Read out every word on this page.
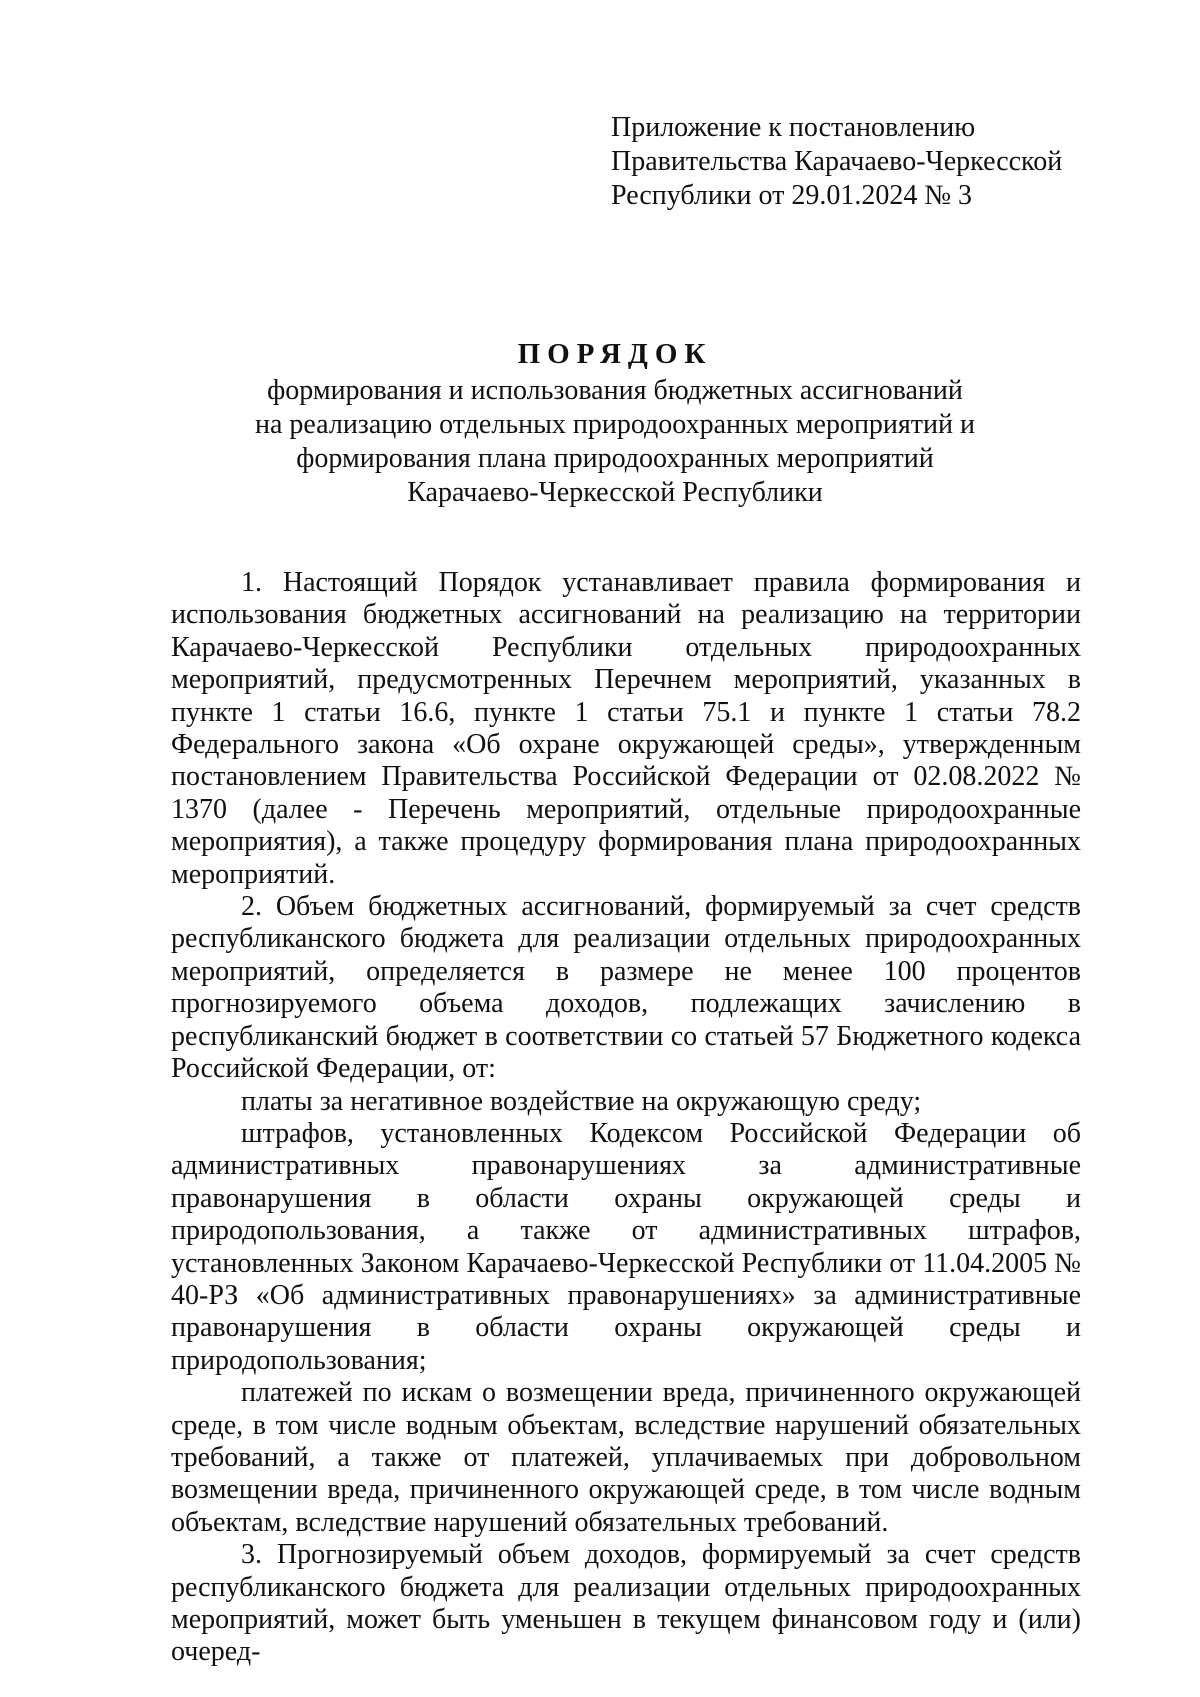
Приложение к постановлению
Правительства Карачаево-Черкесской
Республики от 29.01.2024 № 3
ПОРЯДОК
формирования и использования бюджетных ассигнований
на реализацию отдельных природоохранных мероприятий и
формирования плана природоохранных мероприятий
Карачаево-Черкесской Республики

1. Настоящий Порядок устанавливает правила формирования и использования бюджетных ассигнований на реализацию на территории Карачаево-Черкесской Республики отдельных природоохранных мероприятий, предусмотренных Перечнем мероприятий, указанных в пункте 1 статьи 16.6, пункте 1 статьи 75.1 и пункте 1 статьи 78.2 Федерального закона «Об охране окружающей среды», утвержденным постановлением Правительства Российской Федерации от 02.08.2022 № 1370 (далее - Перечень мероприятий, отдельные природоохранные мероприятия), а также процедуру формирования плана природоохранных мероприятий.

2. Объем бюджетных ассигнований, формируемый за счет средств республиканского бюджета для реализации отдельных природоохранных мероприятий, определяется в размере не менее 100 процентов прогнозируемого объема доходов, подлежащих зачислению в республиканский бюджет в соответствии со статьей 57 Бюджетного кодекса Российской Федерации, от:

платы за негативное воздействие на окружающую среду;

штрафов, установленных Кодексом Российской Федерации об административных правонарушениях за административные правонарушения в области охраны окружающей среды и природопользования, а также от административных штрафов, установленных Законом Карачаево-Черкесской Республики от 11.04.2005 № 40-РЗ «Об административных правонарушениях» за административные правонарушения в области охраны окружающей среды и природопользования;

платежей по искам о возмещении вреда, причиненного окружающей среде, в том числе водным объектам, вследствие нарушений обязательных требований, а также от платежей, уплачиваемых при добровольном возмещении вреда, причиненного окружающей среде, в том числе водным объектам, вследствие нарушений обязательных требований.

3. Прогнозируемый объем доходов, формируемый за счет средств республиканского бюджета для реализации отдельных природоохранных мероприятий, может быть уменьшен в текущем финансовом году и (или) очеред-
